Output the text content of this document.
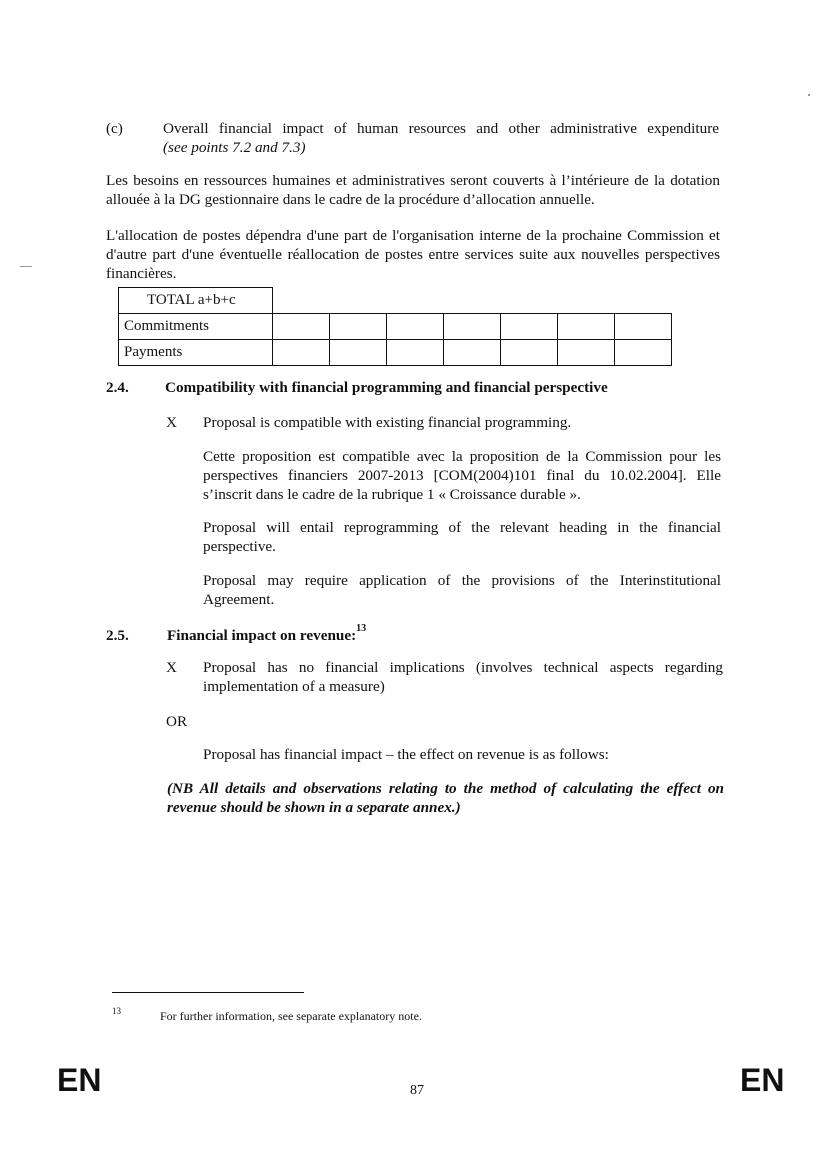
(c)	Overall financial impact of human resources and other administrative expenditure
(see points 7.2 and 7.3)
Les besoins en ressources humaines et administratives seront couverts à l’intérieure de la dotation allouée à la DG gestionnaire dans le cadre de la procédure d’allocation annuelle.
L'allocation de postes dépendra d'une part de l'organisation interne de la prochaine Commission et d'autre part d'une éventuelle réallocation de postes entre services suite aux nouvelles perspectives financières.
TOTAL a+b+c							
Commitments							
Payments							
2.4. Compatibility with financial programming and financial perspective
X Proposal is compatible with existing financial programming.
Cette proposition est compatible avec la proposition de la Commission pour les perspectives financiers 2007-2013 [COM(2004)101 final du 10.02.2004]. Elle s’inscrit dans le cadre de la rubrique 1 « Croissance durable ».
Proposal will entail reprogramming of the relevant heading in the financial perspective.
Proposal may require application of the provisions of the Interinstitutional Agreement.
2.5.	Financial impact on revenue:$^{13}$
X Proposal has no financial implications (involves technical aspects regarding implementation of a measure)
OR
Proposal has financial impact – the effect on revenue is as follows:
(NB All details and observations relating to the method of calculating the effect on revenue should be shown in a separate annex.)
13	For further information, see separate explanatory note.
EN	87	EN
